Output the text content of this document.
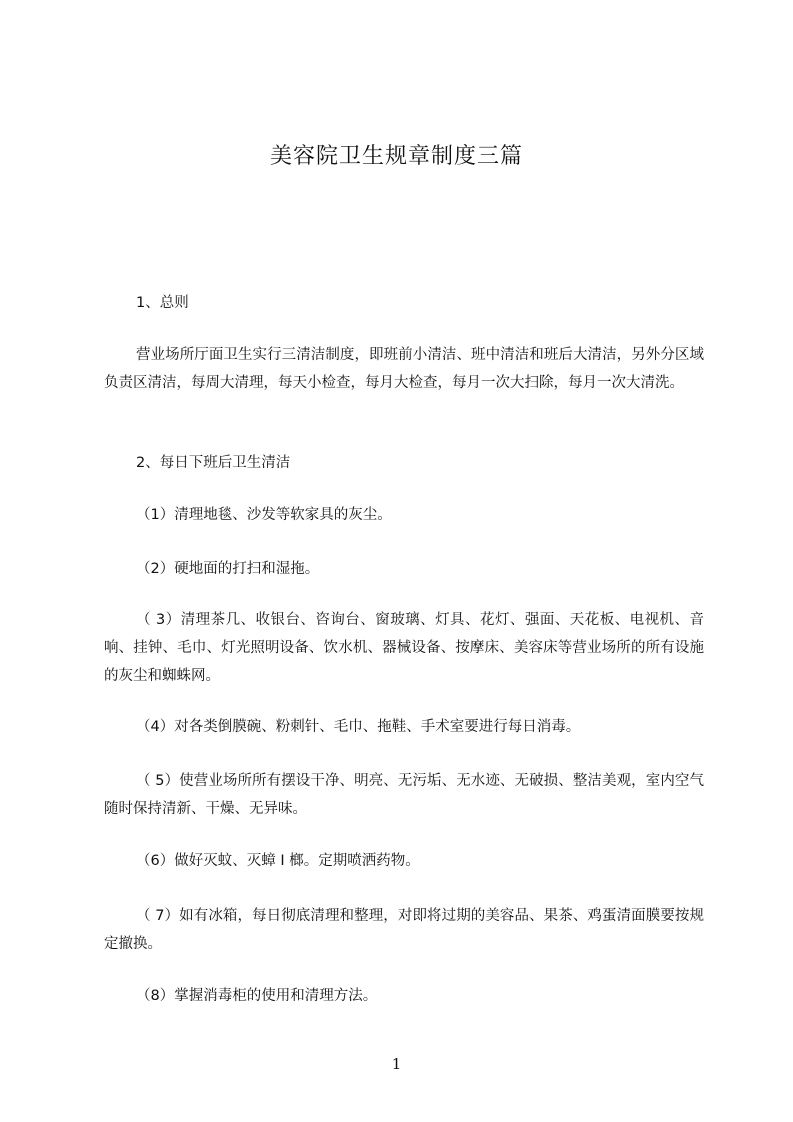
美容院卫生规章制度三篇

1、总则

营业场所厅面卫生实行三清洁制度，即班前小清洁、班中清洁和班后大清洁，另外分区域负责区清洁，每周大清理，每天小检查，每月大检查，每月一次大扫除，每月一次大清洗。

2、每日下班后卫生清洁

（1）清理地毯、沙发等软家具的灰尘。

（2）硬地面的打扫和湿拖。

（ 3）清理茶几、收银台、咨询台、窗玻璃、灯具、花灯、强面、天花板、电视机、音响、挂钟、毛巾、灯光照明设备、饮水机、器械设备、按摩床、美容床等营业场所的所有设施的灰尘和蜘蛛网。

（4）对各类倒膜碗、粉刺针、毛巾、拖鞋、手术室要进行每日消毒。

（ 5）使营业场所所有摆设干净、明亮、无污垢、无水迹、无破损、整洁美观，室内空气随时保持清新、干燥、无异味。

（6）做好灭蚊、灭蟑 I 榔。定期喷洒药物。

（ 7）如有冰箱，每日彻底清理和整理，对即将过期的美容品、果茶、鸡蛋清面膜要按规定撤换。

（8）掌握消毒柜的使用和清理方法。

1
